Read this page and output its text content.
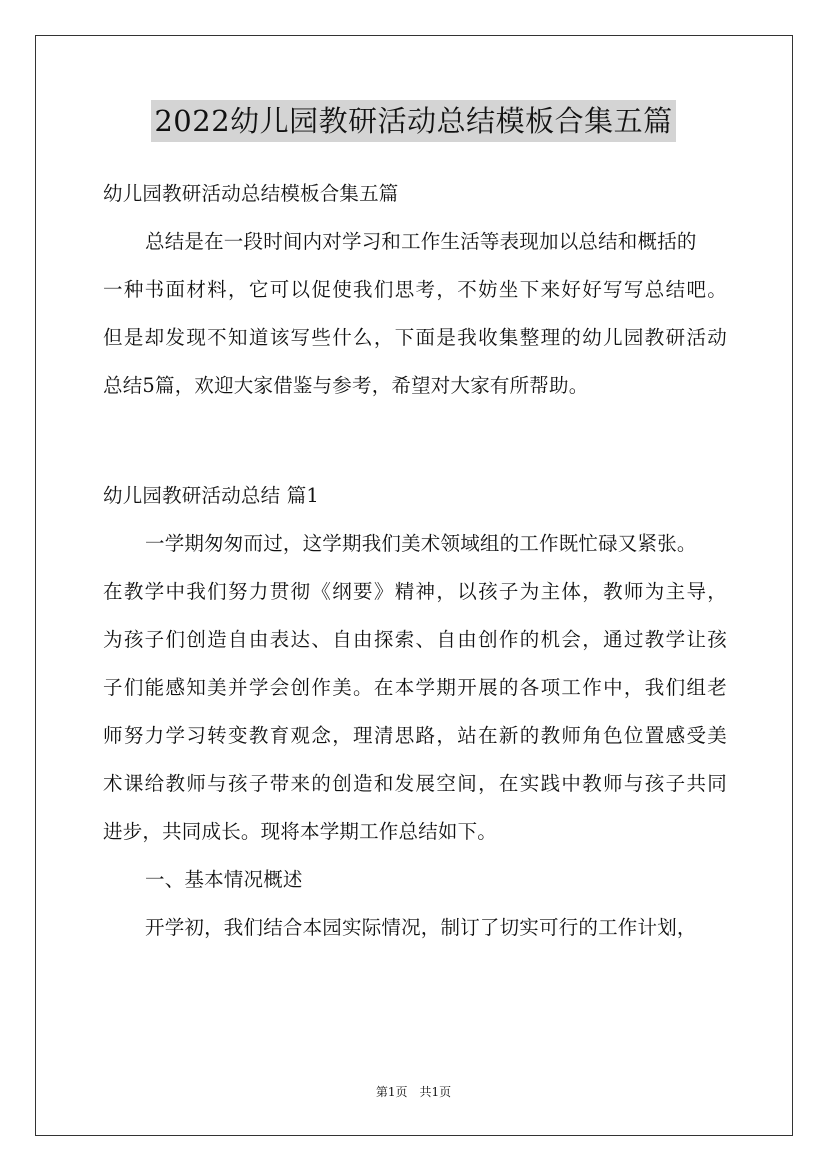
2022幼儿园教研活动总结模板合集五篇
幼儿园教研活动总结模板合集五篇
总结是在一段时间内对学习和工作生活等表现加以总结和概括的
一种书面材料，它可以促使我们思考，不妨坐下来好好写写总结吧。
但是却发现不知道该写些什么，下面是我收集整理的幼儿园教研活动
总结5篇，欢迎大家借鉴与参考，希望对大家有所帮助。
幼儿园教研活动总结 篇1
一学期匆匆而过，这学期我们美术领域组的工作既忙碌又紧张。
在教学中我们努力贯彻《纲要》精神，以孩子为主体，教师为主导，
为孩子们创造自由表达、自由探索、自由创作的机会，通过教学让孩
子们能感知美并学会创作美。在本学期开展的各项工作中，我们组老
师努力学习转变教育观念，理清思路，站在新的教师角色位置感受美
术课给教师与孩子带来的创造和发展空间，在实践中教师与孩子共同
进步，共同成长。现将本学期工作总结如下。
一、基本情况概述
开学初，我们结合本园实际情况，制订了切实可行的工作计划，
第1页 共1页
